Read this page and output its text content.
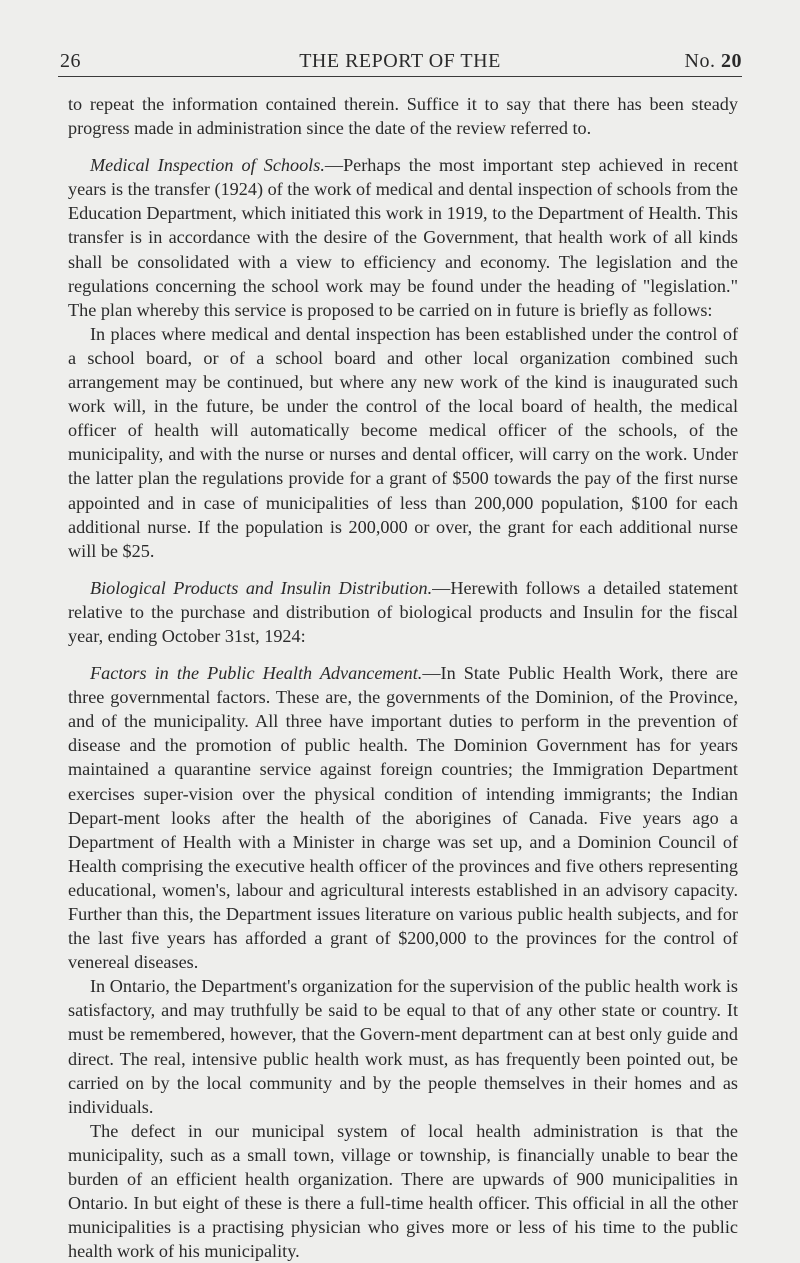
26	THE REPORT OF THE	No. 20

to repeat the information contained therein. Suffice it to say that there has been steady progress made in administration since the date of the review referred to.

Medical Inspection of Schools.—Perhaps the most important step achieved in recent years is the transfer (1924) of the work of medical and dental inspection of schools from the Education Department, which initiated this work in 1919, to the Department of Health. This transfer is in accordance with the desire of the Government, that health work of all kinds shall be consolidated with a view to efficiency and economy. The legislation and the regulations concerning the school work may be found under the heading of "legislation." The plan whereby this service is proposed to be carried on in future is briefly as follows:

In places where medical and dental inspection has been established under the control of a school board, or of a school board and other local organization combined such arrangement may be continued, but where any new work of the kind is inaugurated such work will, in the future, be under the control of the local board of health, the medical officer of health will automatically become medical officer of the schools, of the municipality, and with the nurse or nurses and dental officer, will carry on the work. Under the latter plan the regulations provide for a grant of $500 towards the pay of the first nurse appointed and in case of municipalities of less than 200,000 population, $100 for each additional nurse. If the population is 200,000 or over, the grant for each additional nurse will be $25.

Biological Products and Insulin Distribution.—Herewith follows a detailed statement relative to the purchase and distribution of biological products and Insulin for the fiscal year, ending October 31st, 1924:

Factors in the Public Health Advancement.—In State Public Health Work, there are three governmental factors. These are, the governments of the Dominion, of the Province, and of the municipality. All three have important duties to perform in the prevention of disease and the promotion of public health. The Dominion Government has for years maintained a quarantine service against foreign countries; the Immigration Department exercises super-vision over the physical condition of intending immigrants; the Indian Depart-ment looks after the health of the aborigines of Canada. Five years ago a Department of Health with a Minister in charge was set up, and a Dominion Council of Health comprising the executive health officer of the provinces and five others representing educational, women's, labour and agricultural interests established in an advisory capacity. Further than this, the Department issues literature on various public health subjects, and for the last five years has afforded a grant of $200,000 to the provinces for the control of venereal diseases.

In Ontario, the Department's organization for the supervision of the public health work is satisfactory, and may truthfully be said to be equal to that of any other state or country. It must be remembered, however, that the Govern-ment department can at best only guide and direct. The real, intensive public health work must, as has frequently been pointed out, be carried on by the local community and by the people themselves in their homes and as individuals.

The defect in our municipal system of local health administration is that the municipality, such as a small town, village or township, is financially unable to bear the burden of an efficient health organization. There are upwards of 900 municipalities in Ontario. In but eight of these is there a full-time health officer. This official in all the other municipalities is a practising physician who gives more or less of his time to the public health work of his municipality.
